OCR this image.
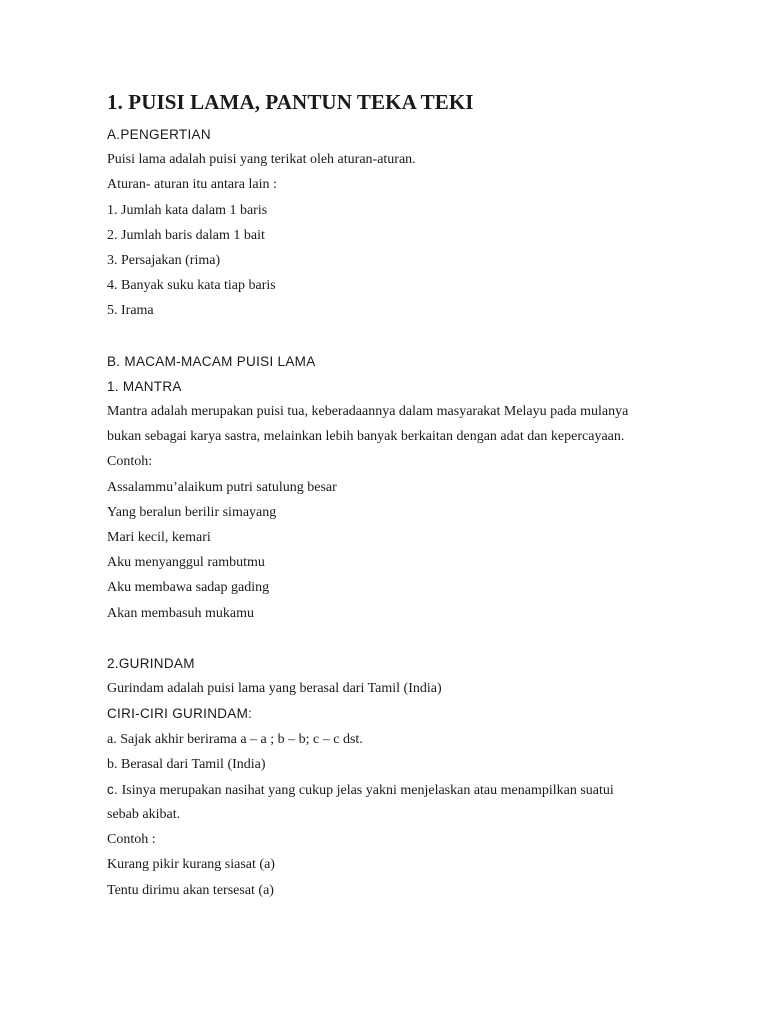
1. PUISI LAMA, PANTUN TEKA TEKI
A.PENGERTIAN
Puisi lama adalah puisi yang terikat oleh aturan-aturan.
Aturan- aturan itu antara lain :
1. Jumlah kata dalam 1 baris
2. Jumlah baris dalam 1 bait
3. Persajakan (rima)
4. Banyak suku kata tiap baris
5. Irama
B. MACAM-MACAM PUISI LAMA
1. MANTRA
Mantra adalah merupakan puisi tua, keberadaannya dalam masyarakat Melayu pada mulanya
bukan sebagai karya sastra, melainkan lebih banyak berkaitan dengan adat dan kepercayaan.
Contoh:
Assalammu’alaikum putri satulung besar
Yang beralun berilir simayang
Mari kecil, kemari
Aku menyanggul rambutmu
Aku membawa sadap gading
Akan membasuh mukamu
2.GURINDAM
Gurindam adalah puisi lama yang berasal dari Tamil (India)
CIRI-CIRI GURINDAM:
a. Sajak akhir berirama a – a ; b – b; c – c dst.
b. Berasal dari Tamil (India)
c. Isinya merupakan nasihat yang cukup jelas yakni menjelaskan atau menampilkan suatui
sebab akibat.
Contoh :
Kurang pikir kurang siasat (a)
Tentu dirimu akan tersesat (a)
